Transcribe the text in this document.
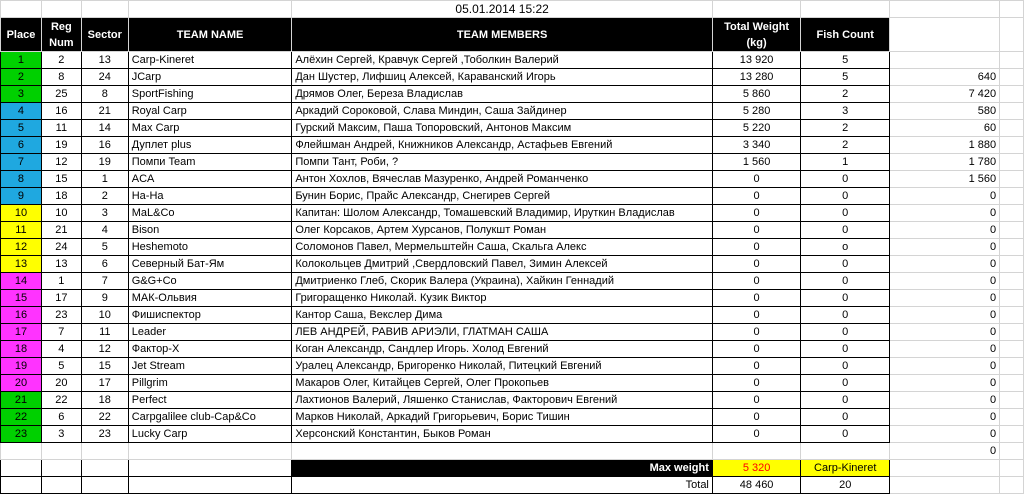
				05.01.2014 15:22				
Place	Reg Num	Sector	TEAM NAME	TEAM MEMBERS	Total Weight (kg)	Fish Count		
1	2	13	Carp-Kineret	Алёхин Сергей, Кравчук Сергей ,Тоболкин Валерий	13 920	5		
2	8	24	JCarp	Дан Шустер, Лифшиц Алексей, Караванский Игорь	13 280	5	640	
3	25	8	SportFishing	Дрямов Олег, Береза Владислав	5 860	2	7 420	
4	16	21	Royal Carp	Аркадий Сороковой, Слава Миндин, Саша Зайдинер	5 280	3	580	
5	11	14	Max Carp	Гурский Максим, Паша Топоровский, Антонов Максим	5 220	2	60	
6	19	16	Дуплет plus	Флейшман Андрей, Книжников Александр, Астафьев Евгений	3 340	2	1 880	
7	12	19	Помпи Team	Помпи Тант, Роби, ?	1 560	1	1 780	
8	15	1	ACA	Антон Хохлов, Вячеслав Мазуренко, Андрей Романченко	0	0	1 560	
9	18	2	Ha-Ha	Бунин Борис, Прайс Александр, Снегирев Сергей	0	0	0	
10	10	3	MaL&Co	Капитан: Шолом Александр, Томашевский Владимир, Ируткин Владислав	0	0	0	
11	21	4	Bison	Олег Корсаков, Артем Хурсанов, Полукшт Роман	0	0	0	
12	24	5	Heshemoto	Соломонов Павел, Мермельштейн Саша, Скальга Алекс	0	o	0	
13	13	6	Северный Бат-Ям	Колокольцев Дмитрий ,Свердловский Павел, Зимин Алексей	0	0	0	
14	1	7	G&G+Co	Дмитриенко Глеб, Скорик Валера (Украина), Хайкин Геннадий	0	0	0	
15	17	9	МАК-Ольвия	Григоращенко Николай. Кузик Виктор	0	0	0	
16	23	10	Фишиспектор	Кантор Саша, Векслер Дима	0	0	0	
17	7	11	Leader	ЛЕВ АНДРЕЙ, РАВИВ АРИЭЛИ, ГЛАТМАН САША	0	0	0	
18	4	12	Фактор-Х	Коган Александр, Сандлер Игорь. Холод Евгений	0	0	0	
19	5	15	Jet Stream	Уралец Александр, Бригоренко Николай, Питецкий Евгений	0	0	0	
20	20	17	Pillgrim	Макаров Олег, Китайцев Сергей, Олег Прокопьев	0	0	0	
21	22	18	Perfect	Лахтионов Валерий, Ляшенко Станислав, Факторович Евгений	0	0	0	
22	6	22	Carpgalilee club-Cap&Co	Марков Николай, Аркадий Григорьевич, Борис Тишин	0	0	0	
23	3	23	Lucky Carp	Херсонский Константин, Быков Роман	0	0	0	
							0	
				Max weight	5 320	Carp-Kineret		
				Total	48 460	20		
